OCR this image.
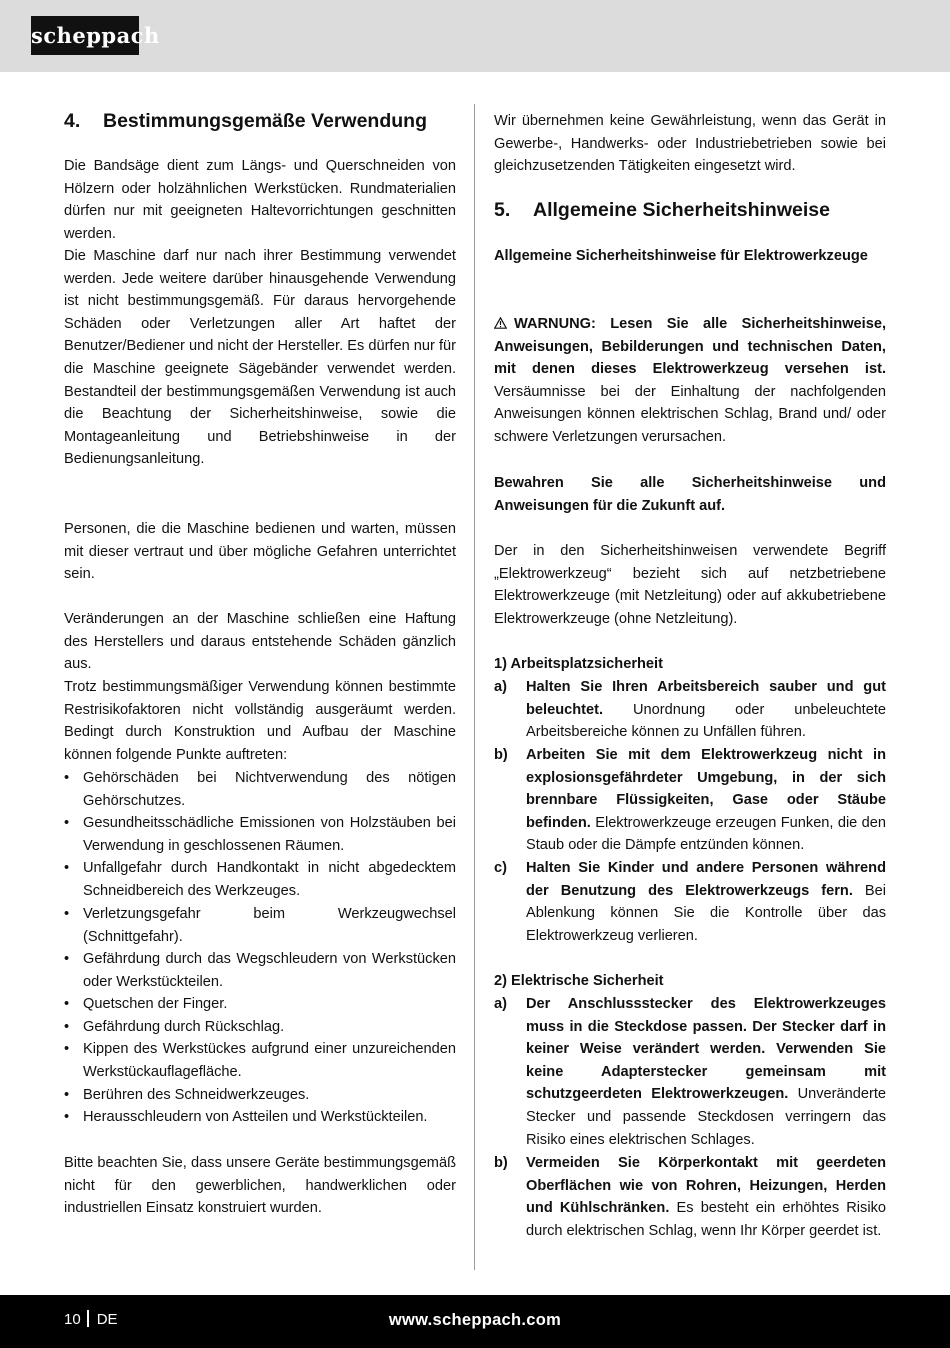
scheppach
4. Bestimmungsgemäße Verwendung
Die Bandsäge dient zum Längs- und Querschneiden von Hölzern oder holzähnlichen Werkstücken. Rundmaterialien dürfen nur mit geeigneten Haltevorrichtungen geschnitten werden.
Die Maschine darf nur nach ihrer Bestimmung verwendet werden. Jede weitere darüber hinausgehende Verwendung ist nicht bestimmungsgemäß. Für daraus hervorgehende Schäden oder Verletzungen aller Art haftet der Benutzer/Bediener und nicht der Hersteller. Es dürfen nur für die Maschine geeignete Sägebänder verwendet werden. Bestandteil der bestimmungsgemäßen Verwendung ist auch die Beachtung der Sicherheitshinweise, sowie die Montageanleitung und Betriebshinweise in der Bedienungsanleitung.
Personen, die die Maschine bedienen und warten, müssen mit dieser vertraut und über mögliche Gefahren unterrichtet sein.
Veränderungen an der Maschine schließen eine Haftung des Herstellers und daraus entstehende Schäden gänzlich aus.
Trotz bestimmungsmäßiger Verwendung können bestimmte Restrisikofaktoren nicht vollständig ausgeräumt werden. Bedingt durch Konstruktion und Aufbau der Maschine können folgende Punkte auftreten:
• Gehörschäden bei Nichtverwendung des nötigen Gehörschutzes.
• Gesundheitsschädliche Emissionen von Holzstäuben bei Verwendung in geschlossenen Räumen.
• Unfallgefahr durch Handkontakt in nicht abgedecktem Schneidbereich des Werkzeuges.
• Verletzungsgefahr beim Werkzeugwechsel (Schnittgefahr).
• Gefährdung durch das Wegschleudern von Werkstücken oder Werkstückteilen.
• Quetschen der Finger.
• Gefährdung durch Rückschlag.
• Kippen des Werkstückes aufgrund einer unzureichenden Werkstückauflagefläche.
• Berühren des Schneidwerkzeuges.
• Herausschleudern von Astteilen und Werkstückteilen.
Bitte beachten Sie, dass unsere Geräte bestimmungsgemäß nicht für den gewerblichen, handwerklichen oder industriellen Einsatz konstruiert wurden.
Wir übernehmen keine Gewährleistung, wenn das Gerät in Gewerbe-, Handwerks- oder Industriebetrieben sowie bei gleichzusetzenden Tätigkeiten eingesetzt wird.
5. Allgemeine Sicherheitshinweise
Allgemeine Sicherheitshinweise für Elektrowerkzeuge
WARNUNG: Lesen Sie alle Sicherheitshinweise, Anweisungen, Bebilderungen und technischen Daten, mit denen dieses Elektrowerkzeug versehen ist. Versäumnisse bei der Einhaltung der nachfolgenden Anweisungen können elektrischen Schlag, Brand und/ oder schwere Verletzungen verursachen.
Bewahren Sie alle Sicherheitshinweise und Anweisungen für die Zukunft auf.
Der in den Sicherheitshinweisen verwendete Begriff „Elektrowerkzeug“ bezieht sich auf netzbetriebene Elektrowerkzeuge (mit Netzleitung) oder auf akkubetriebene Elektrowerkzeuge (ohne Netzleitung).
1) Arbeitsplatzsicherheit
a) Halten Sie Ihren Arbeitsbereich sauber und gut beleuchtet. Unordnung oder unbeleuchtete Arbeitsbereiche können zu Unfällen führen.
b) Arbeiten Sie mit dem Elektrowerkzeug nicht in explosionsgefährdeter Umgebung, in der sich brennbare Flüssigkeiten, Gase oder Stäube befinden. Elektrowerkzeuge erzeugen Funken, die den Staub oder die Dämpfe entzünden können.
c) Halten Sie Kinder und andere Personen während der Benutzung des Elektrowerkzeugs fern. Bei Ablenkung können Sie die Kontrolle über das Elektrowerkzeug verlieren.
2) Elektrische Sicherheit
a) Der Anschlussstecker des Elektrowerkzeuges muss in die Steckdose passen. Der Stecker darf in keiner Weise verändert werden. Verwenden Sie keine Adapterstecker gemeinsam mit schutzgeerdeten Elektrowerkzeugen. Unveränderte Stecker und passende Steckdosen verringern das Risiko eines elektrischen Schlages.
b) Vermeiden Sie Körperkontakt mit geerdeten Oberflächen wie von Rohren, Heizungen, Herden und Kühlschränken. Es besteht ein erhöhtes Risiko durch elektrischen Schlag, wenn Ihr Körper geerdet ist.
10 DE	www.scheppach.com
